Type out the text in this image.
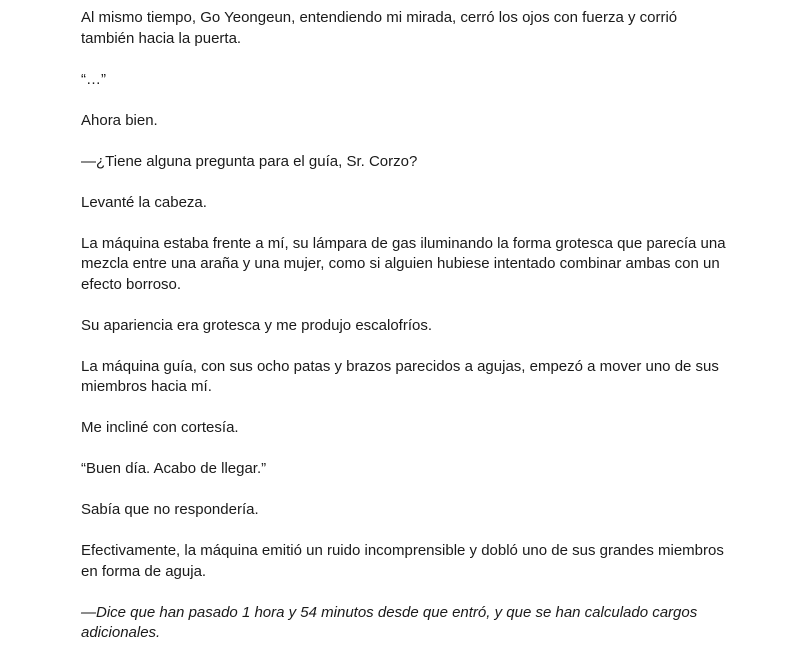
Al mismo tiempo, Go Yeongeun, entendiendo mi mirada, cerró los ojos con fuerza y corrió también hacia la puerta.

“…”

Ahora bien.

—¿Tiene alguna pregunta para el guía, Sr. Corzo?

Levanté la cabeza.

La máquina estaba frente a mí, su lámpara de gas iluminando la forma grotesca que parecía una mezcla entre una araña y una mujer, como si alguien hubiese intentado combinar ambas con un efecto borroso.

Su apariencia era grotesca y me produjo escalofríos.

La máquina guía, con sus ocho patas y brazos parecidos a agujas, empezó a mover uno de sus miembros hacia mí.

Me incliné con cortesía.

“Buen día. Acabo de llegar.”

Sabía que no respondería.

Efectivamente, la máquina emitió un ruido incomprensible y dobló uno de sus grandes miembros en forma de aguja.

—Dice que han pasado 1 hora y 54 minutos desde que entró, y que se han calculado cargos adicionales.
